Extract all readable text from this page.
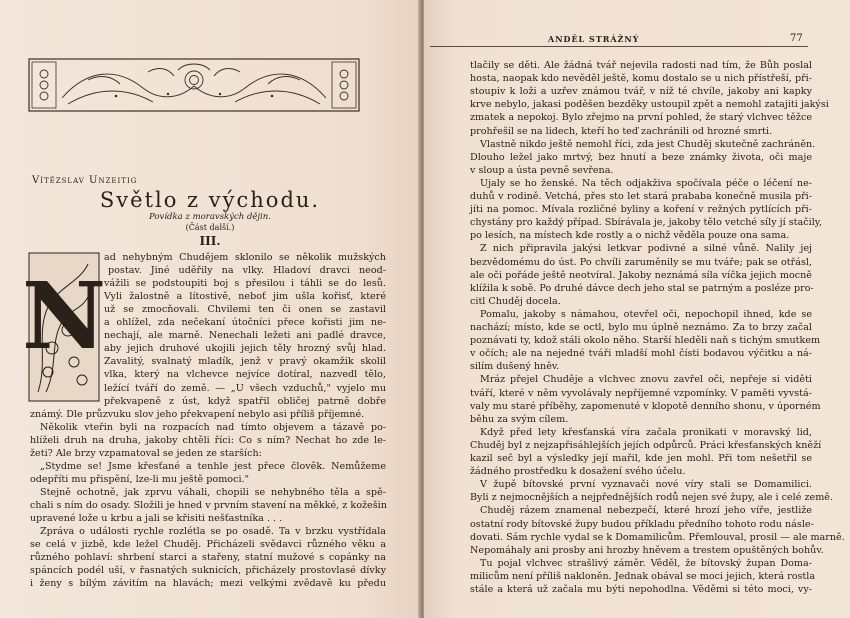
Vítězslav Unzeitig
Světlo z východu.
Povídka z moravských dějin.
(Část další.)
III.
N
ad nehybným Chudějem sklonilo se několik mužských
postav. Jiné uděřily na vlky. Hladoví dravci neod-
vážili se podstoupiti boj s přesilou i táhli se do lesů.
Vyli žalostně a lítostivě, neboť jim ušla kořisť, které
už se zmocňovali. Chvilemi ten či onen se zastavil
a ohlížel, zda nečekaní útočníci přece kořisti jim ne-
nechají, ale marně. Nenechali ležeti ani padlé dravce,
aby jejich druhové ukojili jejich těly hrozný svůj hlad.
Zavalitý, svalnatý mladík, jenž v pravý okamžik skolil
vlka, který na vlchevce nejvíce dotíral, nazvedl tělo,
ležící tváří do země. — „U všech vzduchů," vyjelo mu
překvapeně z úst, když spatřil obličej patrně dobře
známý. Dle průzvuku slov jeho překvapení nebylo asi příliš příjemné.
Několik vteřin byli na rozpacích nad tímto objevem a tázavě po-
hlíželi druh na druha, jakoby chtěli říci: Co s ním? Nechat ho zde le-
žeti? Ale brzy vzpamatoval se jeden ze starších:
„Stydme se! Jsme křesťané a tenhle jest přece člověk. Nemůžeme
odepříti mu přispění, lze-li mu ještě pomoci."
Stejně ochotně, jak zprvu váhali, chopili se nehybného těla a spě-
chali s ním do osady. Složili je hned v prvním stavení na měkké, z kožešin
upravené lože u krbu a jali se křisiti nešťastníka . . .
Zpráva o události rychle rozlétla se po osadě. Ta v brzku vystřídala
se celá v jizbě, kde ležel Chuděj. Přicházeli svědavci různého věku a
různého pohlaví: shrbení starci a stařeny, statní mužové s copánky na
spáncích podél uší, v řasnatých suknicích, přicházely prostovlasé dívky
i ženy s bílým závitím na hlavách; mezi velkými zvědavě ku předu
tlačily se děti. Ale žádná tvář nejevila radosti nad tím, že Bůh poslal
hosta, naopak kdo nevěděl ještě, komu dostalo se u nich přístřeší, při-
stoupiv k loži a uzřev známou tvář, v níž té chvíle, jakoby ani kapky
krve nebylo, jakasi poděšen bezděky ustoupil zpět a nemohl zatajiti jakýsi
zmatek a nepokoj. Bylo zřejmo na první pohled, že starý vlchvec těžce
prohřešil se na lidech, kteří ho teď zachránili od hrozné smrti.
Vlastně nikdo ještě nemohl říci, zda jest Chuděj skutečně zachráněn.
Dlouho ležel jako mrtvý, bez hnutí a beze známky života, oči maje
v sloup a ústa pevně sevřena.
Ujaly se ho ženské. Na těch odjakživa spočívala péče o léčení ne-
duhů v rodině. Vetchá, přes sto let stará prababa konečně musila při-
jíti na pomoc. Mívala rozličné byliny a koření v režných pytlících při-
chystány pro každý případ. Sbírávala je, jakoby tělo vetché síly jí stačily,
po lesích, na místech kde rostly a o nichž věděla pouze ona sama.
Z nich připravila jakýsi letkvar podivné a silné vůně. Nalily jej
bezvědomému do úst. Po chvíli zaruměnily se mu tváře; pak se otřásl,
ale oči pořáde ještě neotvíral. Jakoby neznámá síla víčka jejich mocně
klížila k sobě. Po druhé dávce dech jeho stal se patrným a posléze pro-
citl Chuděj docela.
Pomalu, jakoby s námahou, otevřel oči, nepochopil ihned, kde se
nachází; místo, kde se octl, bylo mu úplně neznámo. Za to brzy začal
poznávati ty, kdož stáli okolo něho. Starší hleděli naň s tichým smutkem
v očích; ale na nejedné tváři mladší mohl čísti bodavou výčitku a ná-
silím dušený hněv.
Mráz přejel Chuděje a vlchvec znovu zavřel oči, nepřeje si viděti
tváří, které v něm vyvolávaly nepříjemné vzpomínky. V paměti vyvstá-
valy mu staré příběhy, zapomenuté v klopotě denního shonu, v úporném
běhu za svým cílem.
Když před lety křesťanská víra začala pronikati v moravský lid,
Chuděj byl z nejzapřisáhlejších jejích odpůrců. Práci křesťanských kněží
kazil seč byl a výsledky její mařil, kde jen mohl. Při tom nešetřil se
žádného prostředku k dosažení svého účelu.
V župě bítovské první vyznavači nové víry stali se Domamilici.
Byli z nejmocnějších a nejpřednějších rodů nejen své župy, ale i celé země.
Chuděj rázem znamenal nebezpečí, které hrozí jeho víře, jestliže
ostatní rody bítovské župy budou příkladu předního tohoto rodu násle-
dovati. Sám rychle vydal se k Domamilicům. Přemlouval, prosil — ale marně.
Nepomáhaly ani prosby ani hrozby hněvem a trestem opuštěných bohův.
Tu pojal vlchvec strašlivý záměr. Věděl, že bítovský župan Doma-
milicům není příliš nakloněn. Jednak obával se moci jejich, která rostla
stále a která už začala mu býti nepohodlna. Věděmi si této moci, vy-
ANDĚL STRÁŽNÝ	77
